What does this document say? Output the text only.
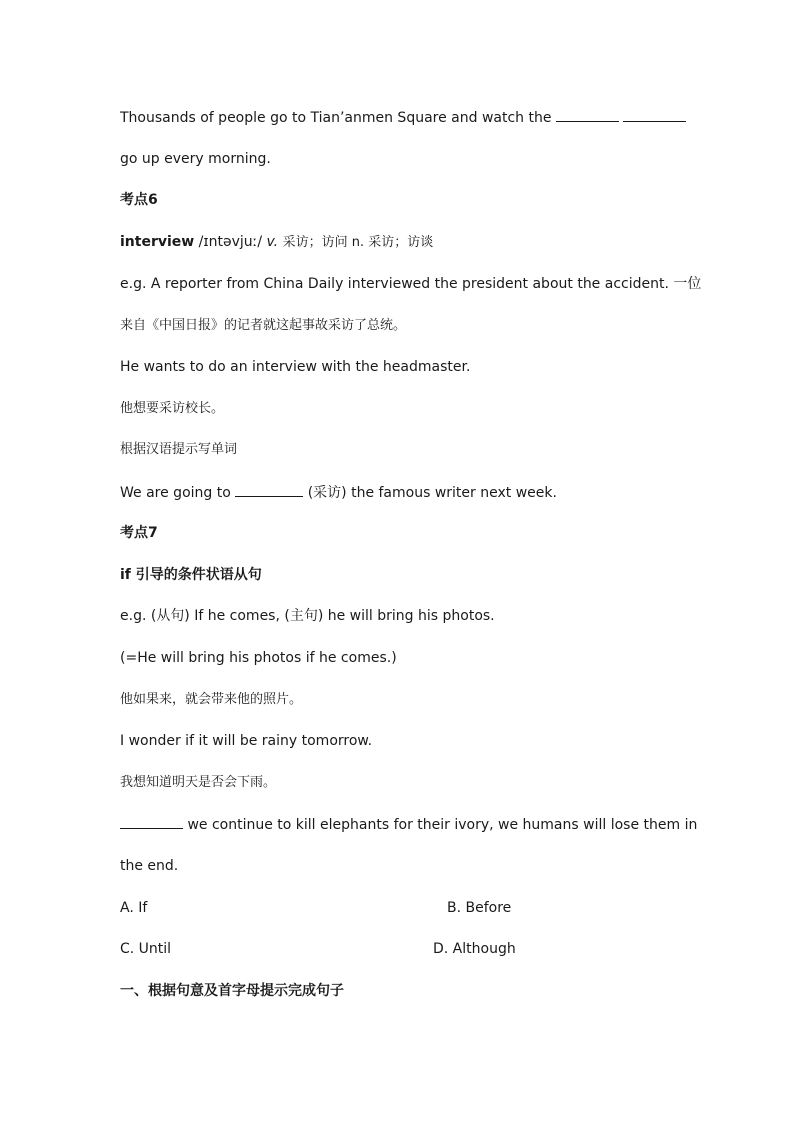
Thousands of people go to Tian’anmen Square and watch the
go up every morning.
考点6
interview /ɪntəvjuː/ v. 采访；访问 n. 采访；访谈
e.g. A reporter from China Daily interviewed the president about the accident. 一位
来自《中国日报》的记者就这起事故采访了总统。
He wants to do an interview with the headmaster.
他想要采访校长。
根据汉语提示写单词
We are going to	(采访) the famous writer next week.
考点7
if 引导的条件状语从句
e.g. (从句) If he comes, (主句) he will bring his photos.
(=He will bring his photos if he comes.)
他如果来，就会带来他的照片。
I wonder if it will be rainy tomorrow.
我想知道明天是否会下雨。
we continue to kill elephants for their ivory, we humans will lose them in
the end.
A. If	B. Before
C. Until	D. Although
一、根据句意及首字母提示完成句子
